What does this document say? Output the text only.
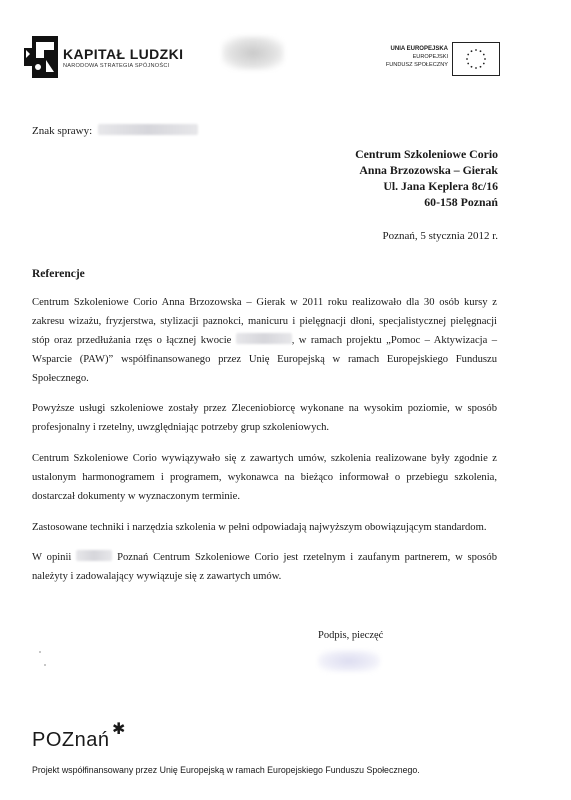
KAPITAŁ LUDZKI
NARODOWA STRATEGIA SPÓJNOŚCI
UNIA EUROPEJSKA
EUROPEJSKI
FUNDUSZ SPOŁECZNY
Znak sprawy:
Centrum Szkoleniowe Corio
Anna Brzozowska – Gierak
Ul. Jana Keplera 8c/16
60-158 Poznań
Poznań, 5 stycznia 2012 r.
Referencje
Centrum Szkoleniowe Corio Anna Brzozowska – Gierak w 2011 roku realizowało dla 30 osób kursy z zakresu wizażu, fryzjerstwa, stylizacji paznokci, manicuru i pielęgnacji dłoni, specjalistycznej pielęgnacji stóp oraz przedłużania rzęs o łącznej kwocie	, w ramach projektu „Pomoc – Aktywizacja – Wsparcie (PAW)” współfinansowanego przez Unię Europejską w ramach Europejskiego Funduszu Społecznego.
Powyższe usługi szkoleniowe zostały przez Zleceniobiorcę wykonane na wysokim poziomie, w sposób profesjonalny i rzetelny, uwzględniając potrzeby grup szkoleniowych.
Centrum Szkoleniowe Corio wywiązywało się z zawartych umów, szkolenia realizowane były zgodnie z ustalonym harmonogramem i programem, wykonawca na bieżąco informował o przebiegu szkolenia, dostarczał dokumenty w wyznaczonym terminie.
Zastosowane techniki i narzędzia szkolenia w pełni odpowiadają najwyższym obowiązującym standardom.
W opinii	Poznań Centrum Szkoleniowe Corio jest rzetelnym i zaufanym partnerem, w sposób należyty i zadowalający wywiązuje się z zawartych umów.
Podpis, pieczęć
POZnań ✱
Projekt współfinansowany przez Unię Europejską w ramach Europejskiego Funduszu Społecznego.
